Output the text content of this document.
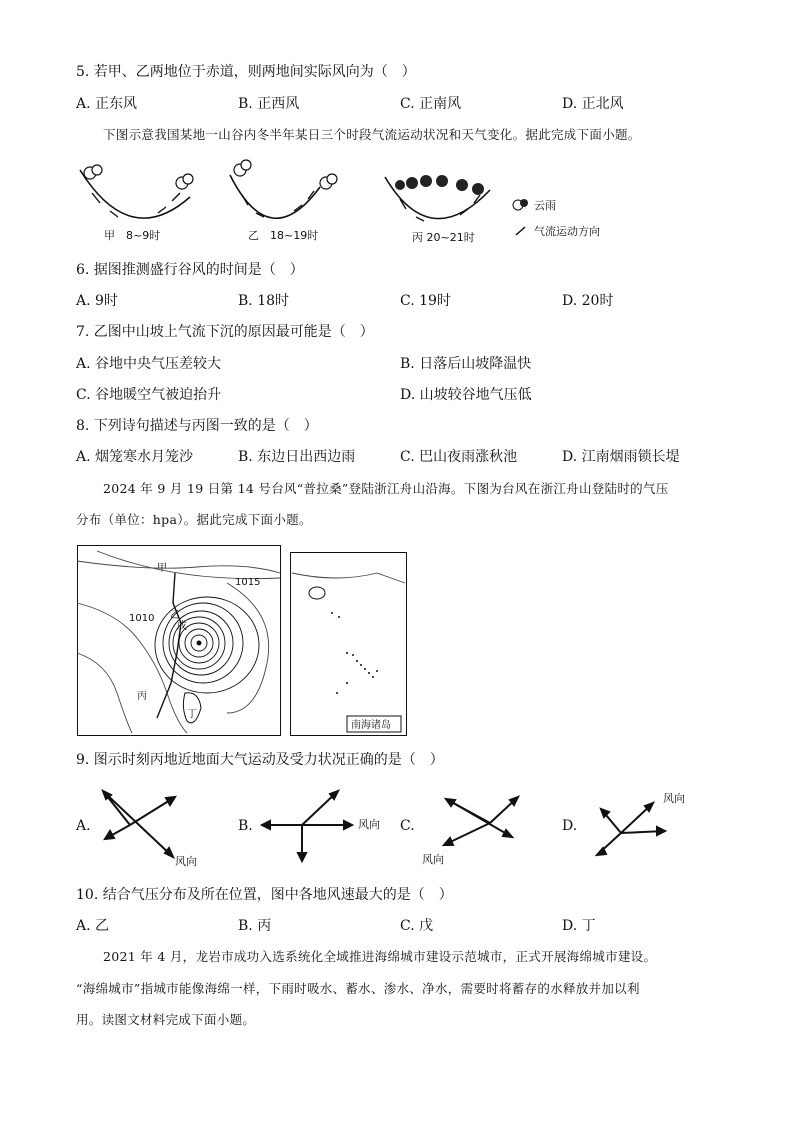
5. 若甲、乙两地位于赤道，则两地间实际风向为（　）
A. 正东风	B. 正西风	C. 正南风	D. 正北风
下图示意我国某地一山谷内冬半年某日三个时段气流运动状况和天气变化。据此完成下面小题。
甲　8~9时	乙　18~19时	丙 20~21时
云雨
气流运动方向
6. 据图推测盛行谷风的时间是（　）
A. 9时	B. 18时	C. 19时	D. 20时
7. 乙图中山坡上气流下沉的原因最可能是（　）
A. 谷地中央气压差较大	B. 日落后山坡降温快
C. 谷地暖空气被迫抬升	D. 山坡较谷地气压低
8. 下列诗句描述与丙图一致的是（　）
A. 烟笼寒水月笼沙	B. 东边日出西边雨	C. 巴山夜雨涨秋池	D. 江南烟雨锁长堤
2024 年 9 月 19 日第 14 号台风“普拉桑”登陆浙江舟山沿海。下图为台风在浙江舟山登陆时的气压
分布（单位：hpa）。据此完成下面小题。
甲
乙
戊
丙
丁
1015
1010
南海诸岛
9. 图示时刻丙地近地面大气运动及受力状况正确的是（　）
A.	B.	C.	D.
风向
风向
风向
风向
10. 结合气压分布及所在位置，图中各地风速最大的是（　）
A. 乙	B. 丙	C. 戊	D. 丁
2021 年 4 月，龙岩市成功入选系统化全域推进海绵城市建设示范城市，正式开展海绵城市建设。
“海绵城市”指城市能像海绵一样，下雨时吸水、蓄水、渗水、净水，需要时将蓄存的水释放并加以利
用。读图文材料完成下面小题。
